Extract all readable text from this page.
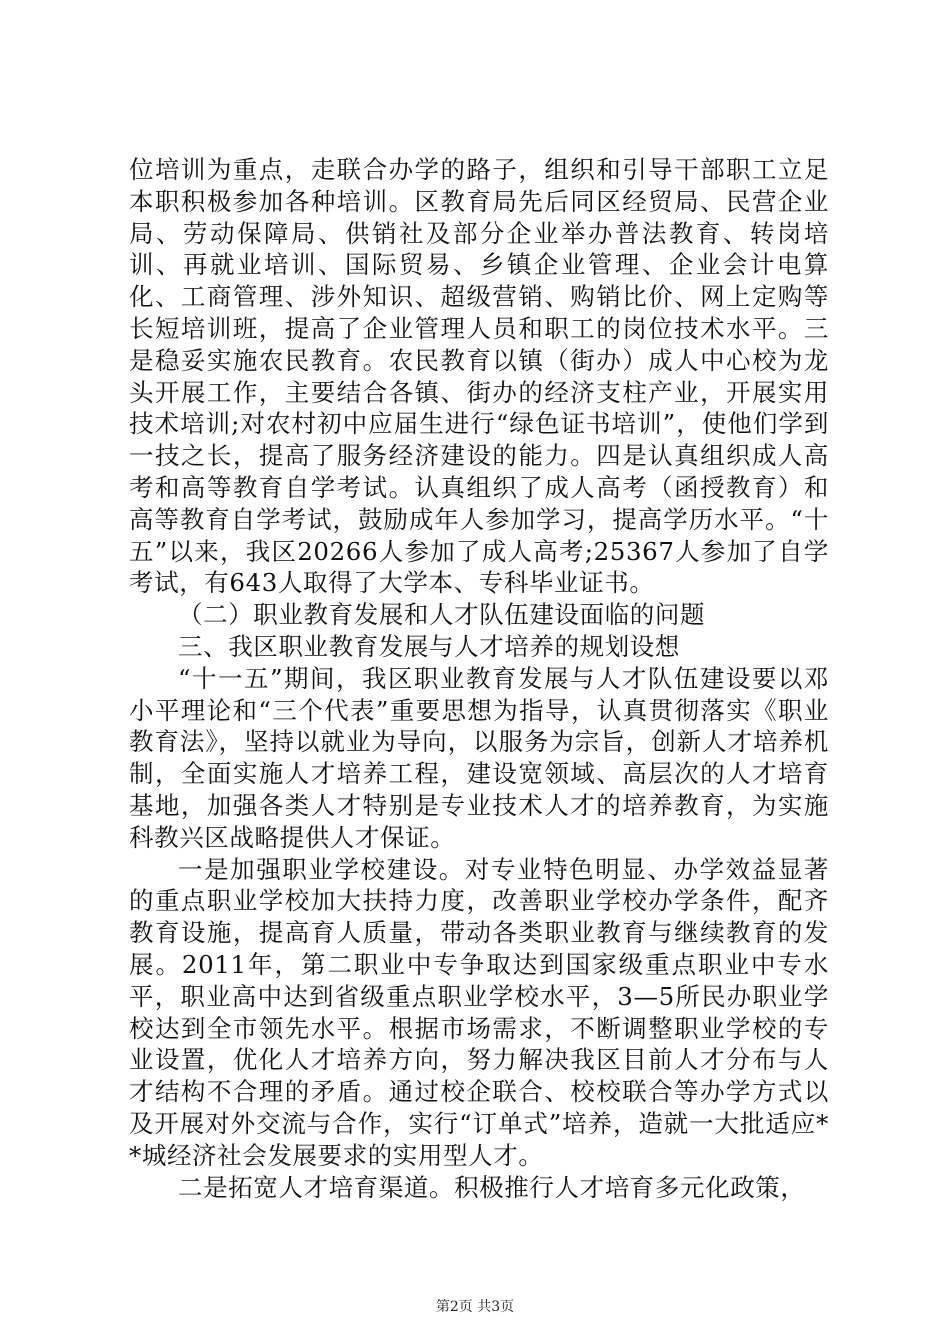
位培训为重点，走联合办学的路子，组织和引导干部职工立足本职积极参加各种培训。区教育局先后同区经贸局、民营企业局、劳动保障局、供销社及部分企业举办普法教育、转岗培训、再就业培训、国际贸易、乡镇企业管理、企业会计电算化、工商管理、涉外知识、超级营销、购销比价、网上定购等长短培训班，提高了企业管理人员和职工的岗位技术水平。三是稳妥实施农民教育。农民教育以镇（街办）成人中心校为龙头开展工作，主要结合各镇、街办的经济支柱产业，开展实用技术培训;对农村初中应届生进行“绿色证书培训”，使他们学到一技之长，提高了服务经济建设的能力。四是认真组织成人高考和高等教育自学考试。认真组织了成人高考（函授教育）和高等教育自学考试，鼓励成年人参加学习，提高学历水平。“十五”以来，我区20266人参加了成人高考;25367人参加了自学考试，有643人取得了大学本、专科毕业证书。

（二）职业教育发展和人才队伍建设面临的问题

三、我区职业教育发展与人才培养的规划设想

“十一五”期间，我区职业教育发展与人才队伍建设要以邓小平理论和“三个代表”重要思想为指导，认真贯彻落实《职业教育法》，坚持以就业为导向，以服务为宗旨，创新人才培养机制，全面实施人才培养工程，建设宽领域、高层次的人才培育基地，加强各类人才特别是专业技术人才的培养教育，为实施科教兴区战略提供人才保证。

一是加强职业学校建设。对专业特色明显、办学效益显著的重点职业学校加大扶持力度，改善职业学校办学条件，配齐教育设施，提高育人质量，带动各类职业教育与继续教育的发展。2011年，第二职业中专争取达到国家级重点职业中专水平，职业高中达到省级重点职业学校水平，3—5所民办职业学校达到全市领先水平。根据市场需求，不断调整职业学校的专业设置，优化人才培养方向，努力解决我区目前人才分布与人才结构不合理的矛盾。通过校企联合、校校联合等办学方式以及开展对外交流与合作，实行“订单式”培养，造就一大批适应**城经济社会发展要求的实用型人才。

二是拓宽人才培育渠道。积极推行人才培育多元化政策，

第2页 共3页
